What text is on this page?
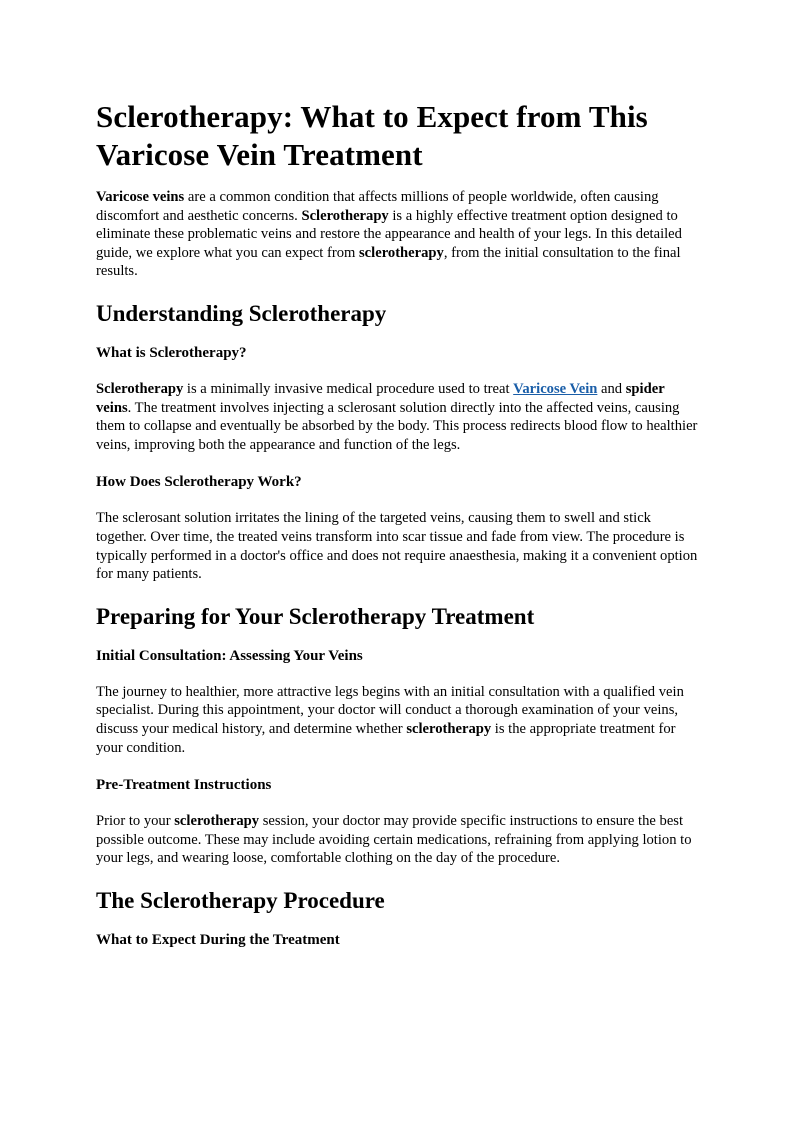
Sclerotherapy: What to Expect from This Varicose Vein Treatment

Varicose veins are a common condition that affects millions of people worldwide, often causing discomfort and aesthetic concerns. Sclerotherapy is a highly effective treatment option designed to eliminate these problematic veins and restore the appearance and health of your legs. In this detailed guide, we explore what you can expect from sclerotherapy, from the initial consultation to the final results.

Understanding Sclerotherapy
What is Sclerotherapy?

Sclerotherapy is a minimally invasive medical procedure used to treat Varicose Vein and spider veins. The treatment involves injecting a sclerosant solution directly into the affected veins, causing them to collapse and eventually be absorbed by the body. This process redirects blood flow to healthier veins, improving both the appearance and function of the legs.

How Does Sclerotherapy Work?

The sclerosant solution irritates the lining of the targeted veins, causing them to swell and stick together. Over time, the treated veins transform into scar tissue and fade from view. The procedure is typically performed in a doctor's office and does not require anaesthesia, making it a convenient option for many patients.

Preparing for Your Sclerotherapy Treatment
Initial Consultation: Assessing Your Veins

The journey to healthier, more attractive legs begins with an initial consultation with a qualified vein specialist. During this appointment, your doctor will conduct a thorough examination of your veins, discuss your medical history, and determine whether sclerotherapy is the appropriate treatment for your condition.

Pre-Treatment Instructions

Prior to your sclerotherapy session, your doctor may provide specific instructions to ensure the best possible outcome. These may include avoiding certain medications, refraining from applying lotion to your legs, and wearing loose, comfortable clothing on the day of the procedure.

The Sclerotherapy Procedure
What to Expect During the Treatment
